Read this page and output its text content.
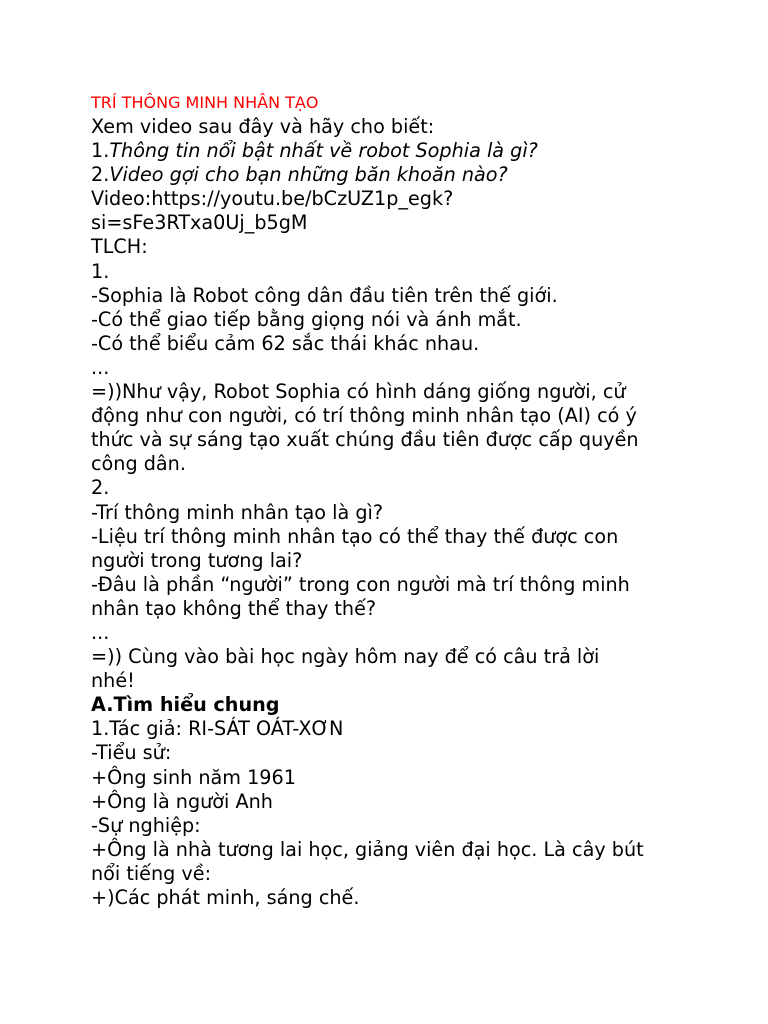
TRÍ THÔNG MINH NHÂN TẠO
Xem video sau đây và hãy cho biết:
1.Thông tin nổi bật nhất về robot Sophia là gì?
2.Video gợi cho bạn những băn khoăn nào?
Video:https://youtu.be/bCzUZ1p_egk?
si=sFe3RTxa0Uj_b5gM
TLCH:
1.
-Sophia là Robot công dân đầu tiên trên thế giới.
-Có thể giao tiếp bằng giọng nói và ánh mắt.
-Có thể biểu cảm 62 sắc thái khác nhau.
...
=))Như vậy, Robot Sophia có hình dáng giống người, cử
động như con người, có trí thông minh nhân tạo (AI) có ý
thức và sự sáng tạo xuất chúng đầu tiên được cấp quyền
công dân.
2.
-Trí thông minh nhân tạo là gì?
-Liệu trí thông minh nhân tạo có thể thay thế được con
người trong tương lai?
-Đâu là phần “người” trong con người mà trí thông minh
nhân tạo không thể thay thế?
...
=)) Cùng vào bài học ngày hôm nay để có câu trả lời
nhé!
A.Tìm hiểu chung
1.Tác giả: RI-SÁT OÁT-XƠN
-Tiểu sử:
+Ông sinh năm 1961
+Ông là người Anh
-Sự nghiệp:
+Ông là nhà tương lai học, giảng viên đại học. Là cây bút
nổi tiếng về:
+)Các phát minh, sáng chế.
